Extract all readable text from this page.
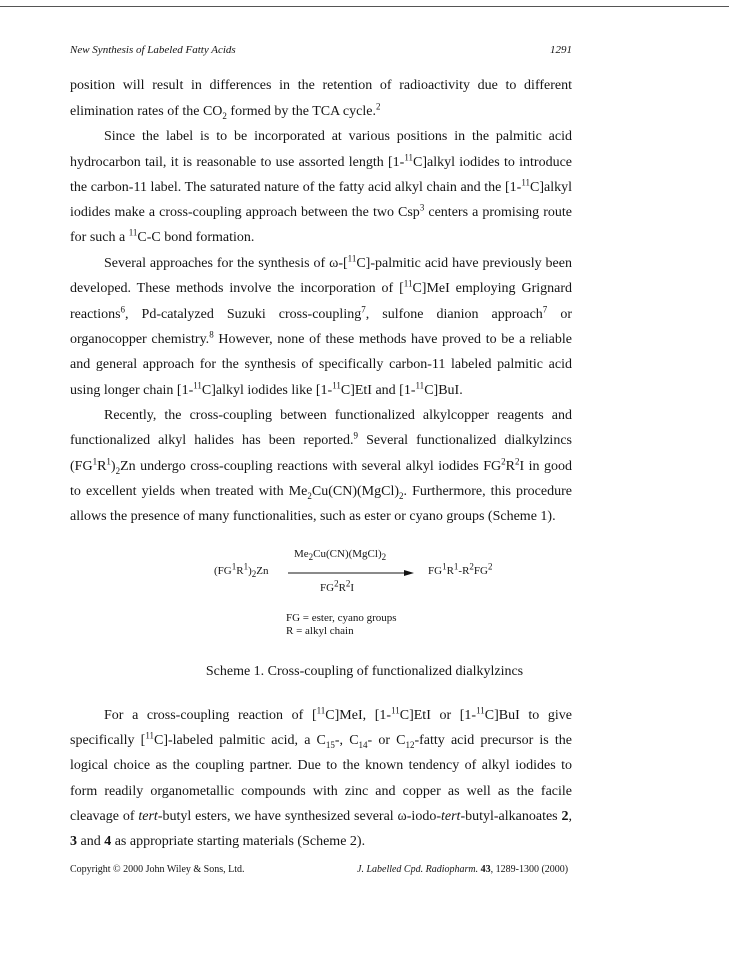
New Synthesis of Labeled Fatty Acids	1291
position will result in differences in the retention of radioactivity due to different
elimination rates of the $CO_2$ formed by the TCA cycle.$^2$
Since the label is to be incorporated at various positions in the palmitic acid
hydrocarbon tail, it is reasonable to use assorted length [1-$^{11}$C]alkyl iodides to introduce
the carbon-11 label. The saturated nature of the fatty acid alkyl chain and the [1-$^{11}$C]alkyl
iodides make a cross-coupling approach between the two Csp$^3$ centers a promising route
for such a $^{11}$C-C bond formation.
Several approaches for the synthesis of ω-[$^{11}$C]-palmitic acid have previously been
developed. These methods involve the incorporation of [$^{11}$C]MeI employing Grignard
reactions$^6$, Pd-catalyzed Suzuki cross-coupling$^7$, sulfone dianion approach$^7$ or
organocopper chemistry.$^8$ However, none of these methods have proved to be a reliable
and general approach for the synthesis of specifically carbon-11 labeled palmitic acid
using longer chain [1-$^{11}$C]alkyl iodides like [1-$^{11}$C]EtI and [1-$^{11}$C]BuI.
Recently, the cross-coupling between functionalized alkylcopper reagents and
functionalized alkyl halides has been reported.$^9$ Several functionalized dialkylzincs
$(FG^1R^1)_2Zn$ undergo cross-coupling reactions with several alkyl iodides $FG^2R^2I$ in good
to excellent yields when treated with $Me_2Cu(CN)(MgCl)_2$. Furthermore, this procedure
allows the presence of many functionalities, such as ester or cyano groups (Scheme 1).
$Me_2Cu(CN)(MgCl)_2$
$(FG^1R^1)_2Zn$	$FG^1R^1-R^2FG^2$
$FG^2R^2I$
FG = ester, cyano groups
R = alkyl chain
Scheme 1. Cross-coupling of functionalized dialkylzincs
For a cross-coupling reaction of [$^{11}$C]MeI, [1-$^{11}$C]EtI or [1-$^{11}$C]BuI to give
specifically [$^{11}$C]-labeled palmitic acid, a $C_{15}-$, $C_{14}-$ or $C_{12}$-fatty acid precursor is the
logical choice as the coupling partner. Due to the known tendency of alkyl iodides to
form readily organometallic compounds with zinc and copper as well as the facile
cleavage of tert-butyl esters, we have synthesized several ω-iodo-tert-butyl-alkanoates 2,
3 and 4 as appropriate starting materials (Scheme 2).
Copyright © 2000 John Wiley & Sons, Ltd.	J. Labelled Cpd. Radiopharm. 43, 1289-1300 (2000)
